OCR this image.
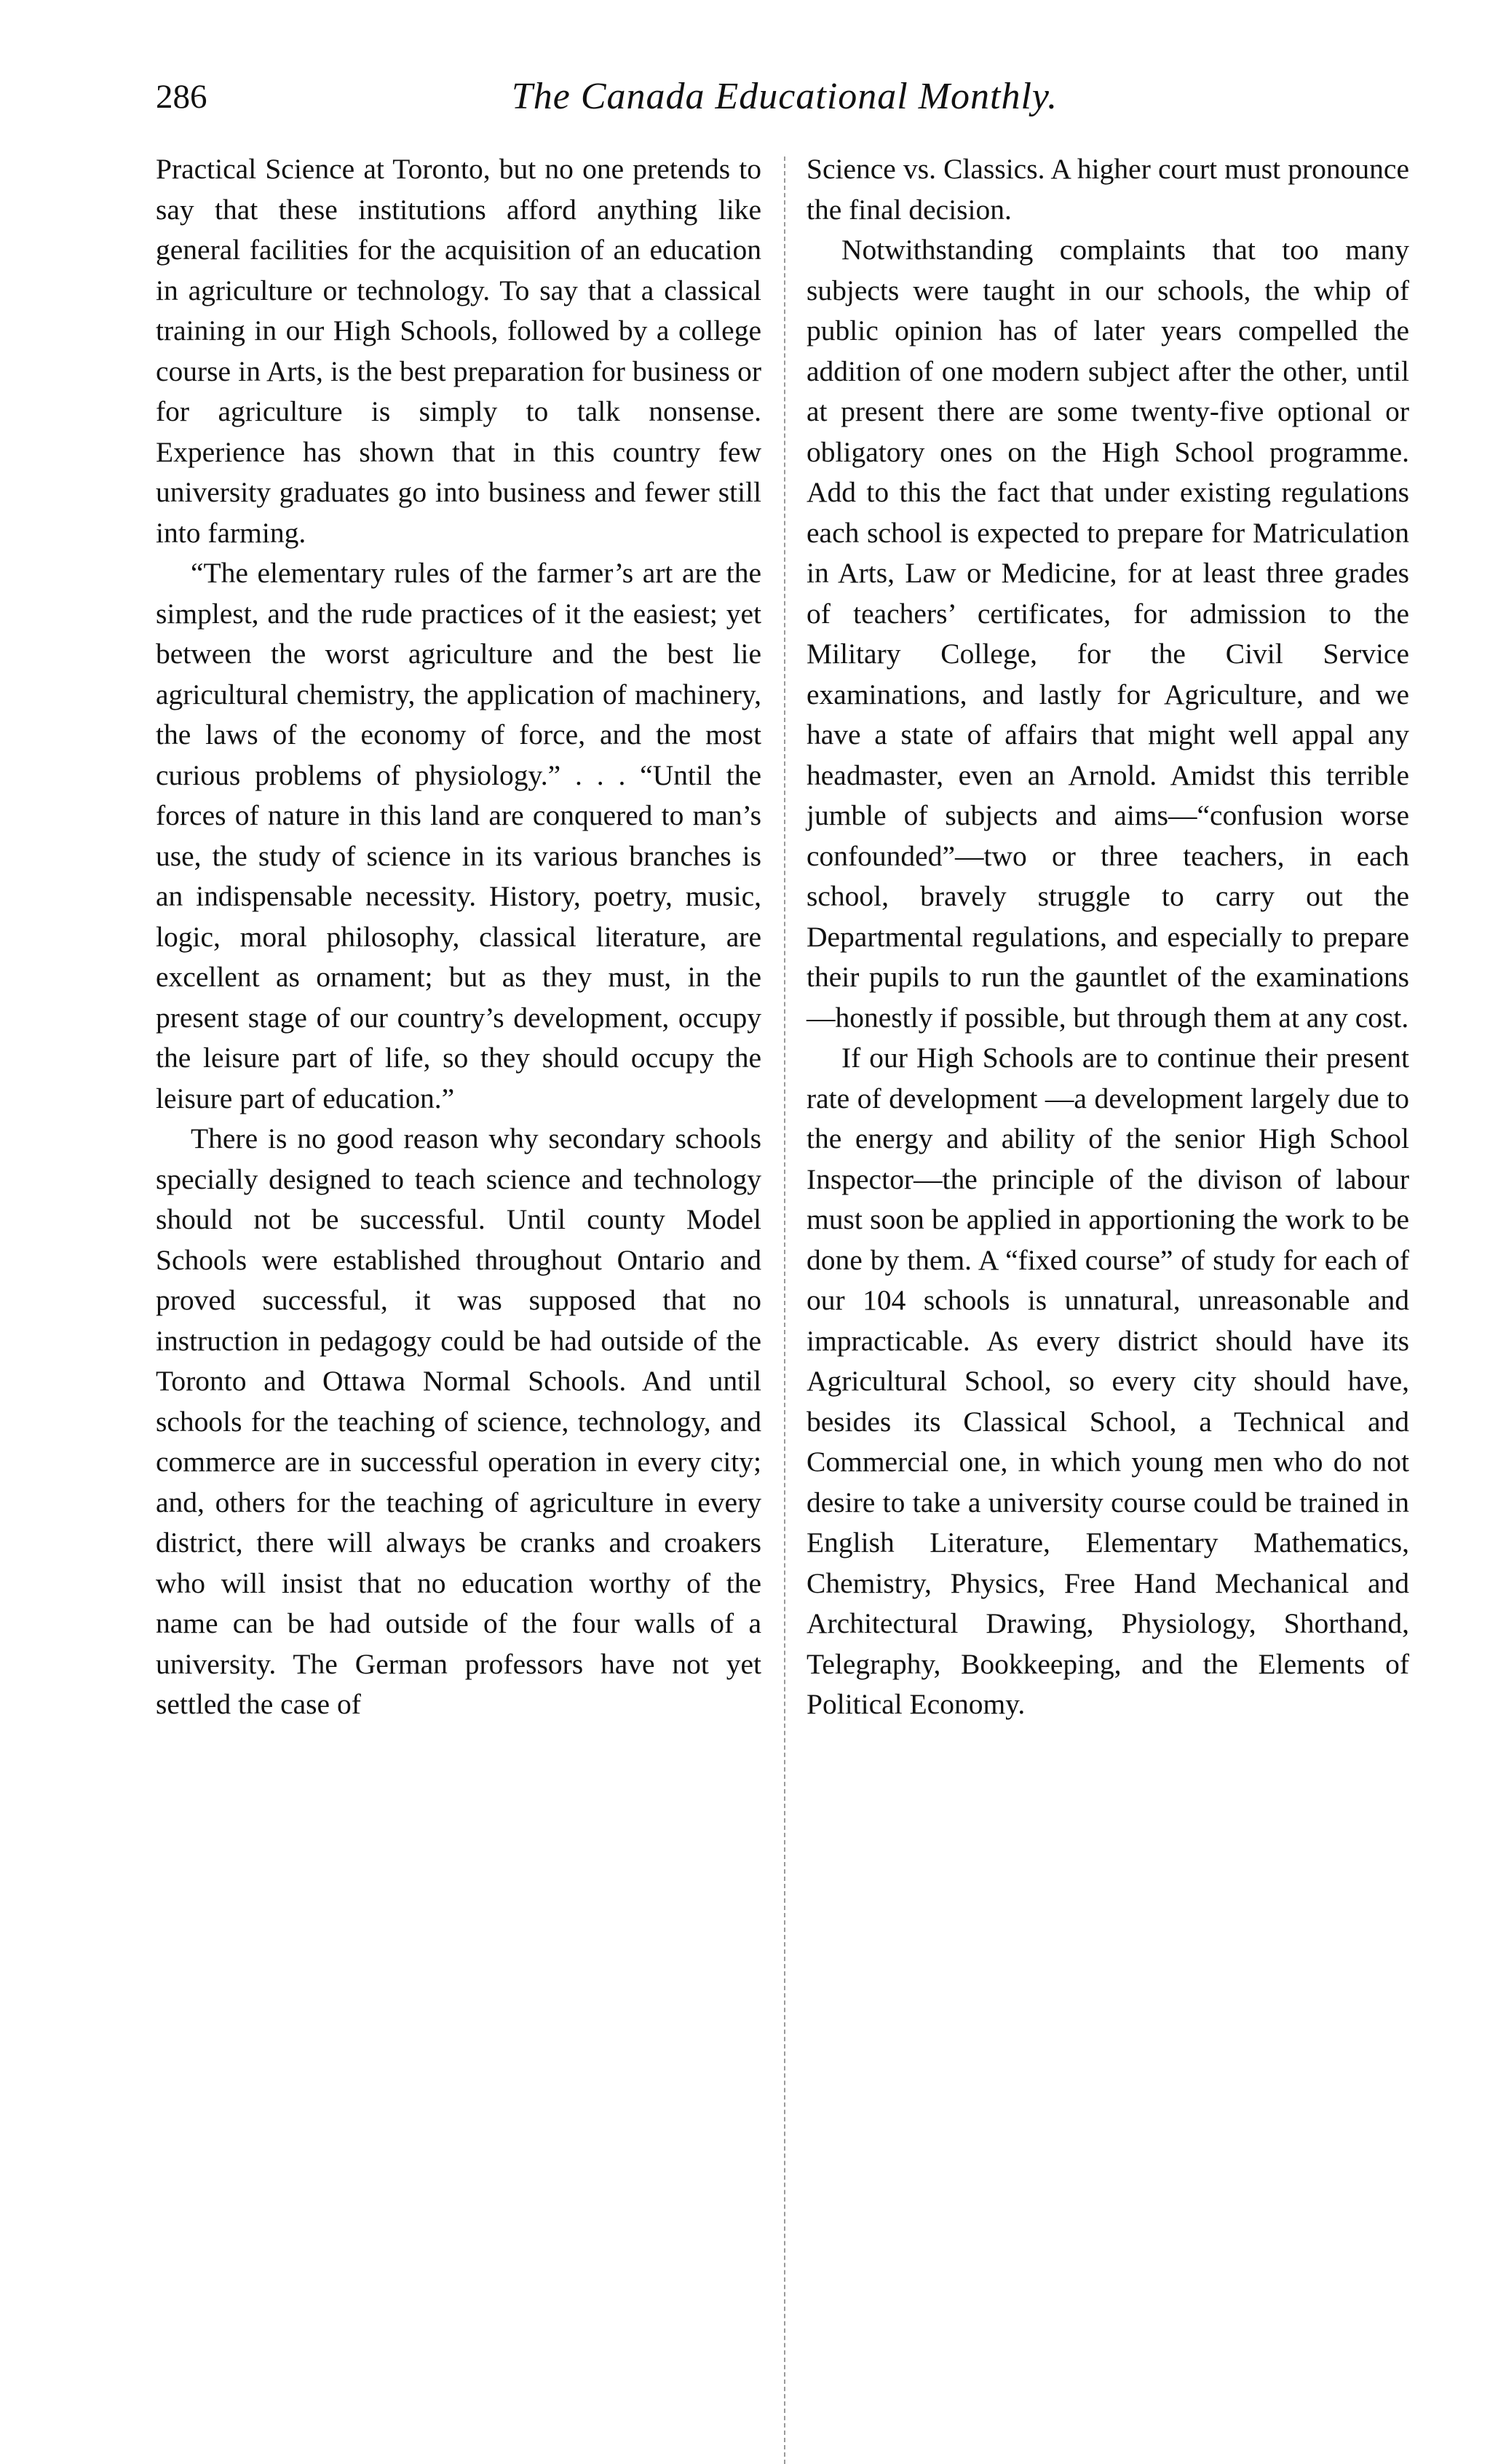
286	The Canada Educational Monthly.

Practical Science at Toronto, but no one pretends to say that these institutions afford anything like general facilities for the acquisition of an education in agriculture or technology. To say that a classical training in our High Schools, followed by a college course in Arts, is the best preparation for business or for agriculture is simply to talk nonsense. Experience has shown that in this country few university graduates go into business and fewer still into farming.

“The elementary rules of the farmer’s art are the simplest, and the rude practices of it the easiest; yet between the worst agriculture and the best lie agricultural chemistry, the application of machinery, the laws of the economy of force, and the most curious problems of physiology.” . . . “Until the forces of nature in this land are conquered to man’s use, the study of science in its various branches is an indispensable necessity. History, poetry, music, logic, moral philosophy, classical literature, are excellent as ornament; but as they must, in the present stage of our country’s development, occupy the leisure part of life, so they should occupy the leisure part of education.”

There is no good reason why secondary schools specially designed to teach science and technology should not be successful. Until county Model Schools were established throughout Ontario and proved successful, it was supposed that no instruction in pedagogy could be had outside of the Toronto and Ottawa Normal Schools. And until schools for the teaching of science, technology, and commerce are in successful operation in every city; and, others for the teaching of agriculture in every district, there will always be cranks and croakers who will insist that no education worthy of the name can be had outside of the four walls of a university. The German professors have not yet settled the case of

Science vs. Classics. A higher court must pronounce the final decision.

Notwithstanding complaints that too many subjects were taught in our schools, the whip of public opinion has of later years compelled the addition of one modern subject after the other, until at present there are some twenty-five optional or obligatory ones on the High School programme. Add to this the fact that under existing regulations each school is expected to prepare for Matriculation in Arts, Law or Medicine, for at least three grades of teachers’ certificates, for admission to the Military College, for the Civil Service examinations, and lastly for Agriculture, and we have a state of affairs that might well appal any headmaster, even an Arnold. Amidst this terrible jumble of subjects and aims—“confusion worse confounded”—two or three teachers, in each school, bravely struggle to carry out the Departmental regulations, and especially to prepare their pupils to run the gauntlet of the examinations —honestly if possible, but through them at any cost.

If our High Schools are to continue their present rate of development —a development largely due to the energy and ability of the senior High School Inspector—the principle of the divison of labour must soon be applied in apportioning the work to be done by them. A “fixed course” of study for each of our 104 schools is unnatural, unreasonable and impracticable. As every district should have its Agricultural School, so every city should have, besides its Classical School, a Technical and Commercial one, in which young men who do not desire to take a university course could be trained in English Literature, Elementary Mathematics, Chemistry, Physics, Free Hand Mechanical and Architectural Drawing, Physiology, Shorthand, Telegraphy, Bookkeeping, and the Elements of Political Economy.
